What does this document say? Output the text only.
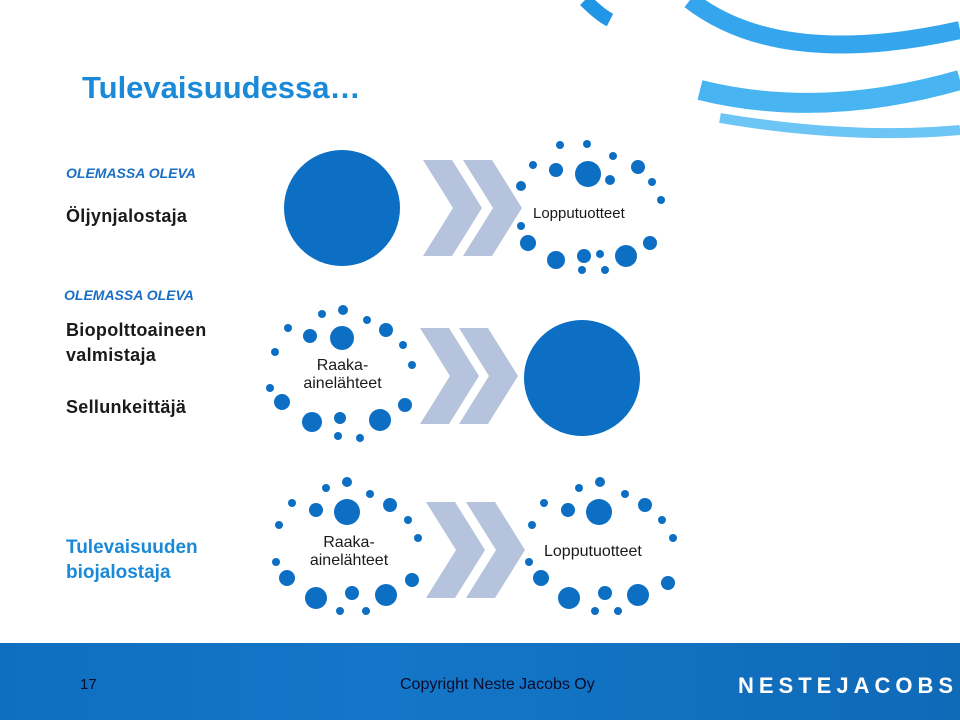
Tulevaisuudessa…
OLEMASSA OLEVA
Öljynjalostaja	Lopputuotteet
OLEMASSA OLEVA
Biopolttoaineen
valmistaja
Sellunkeittäjä
Raaka-
ainelähteet
Tulevaisuuden
biojalostaja
Raaka-
ainelähteet
Lopputuotteet
17	Copyright Neste Jacobs Oy	NESTEJACOBS
